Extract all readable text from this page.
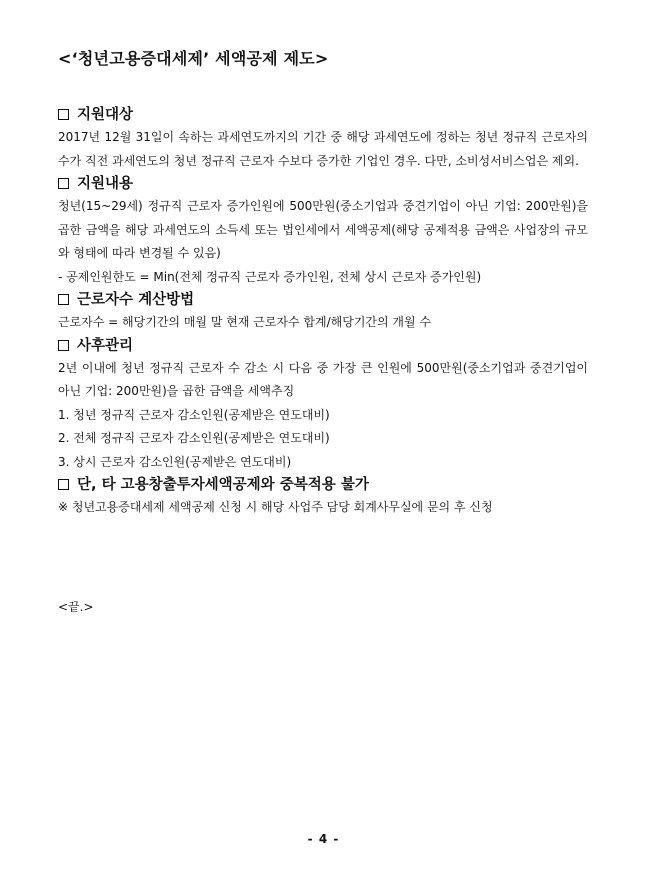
<‘청년고용증대세제’ 세액공제 제도>

지원대상

2017년 12월 31일이 속하는 과세연도까지의 기간 중 해당 과세연도에 정하는 청년 정규직 근로자의 수가 직전 과세연도의 청년 정규직 근로자 수보다 증가한 기업인 경우. 다만, 소비성서비스업은 제외.

지원내용

청년(15~29세) 정규직 근로자 증가인원에 500만원(중소기업과 중견기업이 아닌 기업: 200만원)을 곱한 금액을 해당 과세연도의 소득세 또는 법인세에서 세액공제(해당 공제적용 금액은 사업장의 규모와 형태에 따라 변경될 수 있음)

- 공제인원한도 = Min(전체 정규직 근로자 증가인원, 전체 상시 근로자 증가인원)

근로자수 계산방법

근로자수 = 해당기간의 매월 말 현재 근로자수 합계/해당기간의 개월 수

사후관리

2년 이내에 청년 정규직 근로자 수 감소 시 다음 중 가장 큰 인원에 500만원(중소기업과 중견기업이 아닌 기업: 200만원)을 곱한 금액을 세액추징

1. 청년 정규직 근로자 감소인원(공제받은 연도대비)

2. 전체 정규직 근로자 감소인원(공제받은 연도대비)

3. 상시 근로자 감소인원(공제받은 연도대비)

단, 타 고용창출투자세액공제와 중복적용 불가

※ 청년고용증대세제 세액공제 신청 시 해당 사업주 담당 회계사무실에 문의 후 신청

<끝.>
- 4 -
